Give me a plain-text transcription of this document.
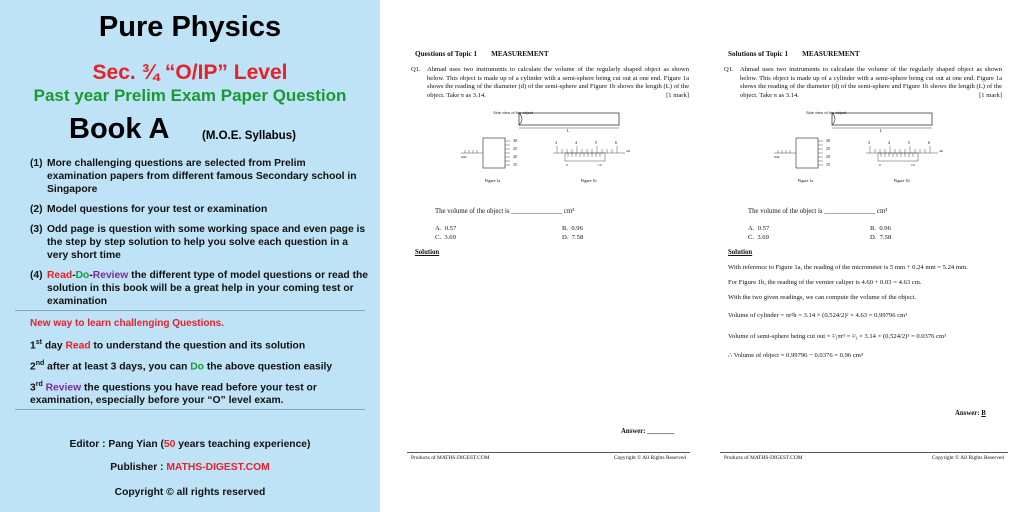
Pure Physics
Sec. ¾ “O/IP” Level
Past year Prelim Exam Paper Question
Book A	(M.O.E. Syllabus)
(1) More challenging questions are selected from Prelim examination papers from different famous Secondary school in Singapore
(2) Model questions for your test or examination
(3) Odd page is question with some working space and even page is the step by step solution to help you solve each question in a very short time
(4) Read-Do-Review the different type of model questions or read the solution in this book will be a great help in your coming test or examination
New way to learn challenging Questions.
1st day Read to understand the question and its solution
2nd after at least 3 days, you can Do the above question easily
3rd Review the questions you have read before your test or examination, especially before your “O” level exam.
Editor : Pang Yian (50 years teaching experience)
Publisher : MATHS-DIGEST.COM
Copyright © all rights reserved
Questions of Topic 1 MEASUREMENT
Q1. Ahmad uses two instruments to calculate the volume of the regularly shaped object as shown below. This object is made up of a cylinder with a semi-sphere being cut out at one end. Figure 1a shows the reading of the diameter (d) of the semi-sphere and Figure 1b shows the length (L) of the object. Take π as 3.14.	[1 mark]
Side view of the object
L
30
25
20
15
mm
3	4	5	6
0	10
cm
Figure 1a	Figure 1b
The volume of the object is _______________ cm³
A. 0.57	B. 0.96
C. 3.69	D. 7.58
Solution
Answer: ________
Products of MATHS-DIGEST.COM	Copyright © All Rights Reserved
Solutions of Topic 1 MEASUREMENT
Q1. Ahmad uses two instruments to calculate the volume of the regularly shaped object as shown below. This object is made up of a cylinder with a semi-sphere being cut out at one end. Figure 1a shows the reading of the diameter (d) of the semi-sphere and Figure 1b shows the length (L) of the object. Take π as 3.14.	[1 mark]
Side view of the object
L
30
25
20
15
mm
3	4	5	6
0	10
cm
Figure 1a	Figure 1b
The volume of the object is _______________ cm³
A. 0.57	B. 0.96
C. 3.69	D. 7.58
Solution
With reference to Figure 1a, the reading of the micrometer is 5 mm + 0.24 mm = 5.24 mm.
For Figure 1b, the reading of the vernier caliper is 4.60 + 0.03 = 4.63 cm.
With the two given readings, we can compute the volume of the object.
Volume of cylinder = πr²h = 3.14 × (0.524/2)² × 4.63 = 0.99796 cm³
Volume of semi-sphere being cut out = ²⁄₃πr³ = ²⁄₃ × 3.14 × (0.524/2)³ = 0.0376 cm³
∴ Volume of object = 0.99796 − 0.0376 = 0.96 cm³
Answer: B
Products of MATHS-DIGEST.COM	Copyright © All Rights Reserved
